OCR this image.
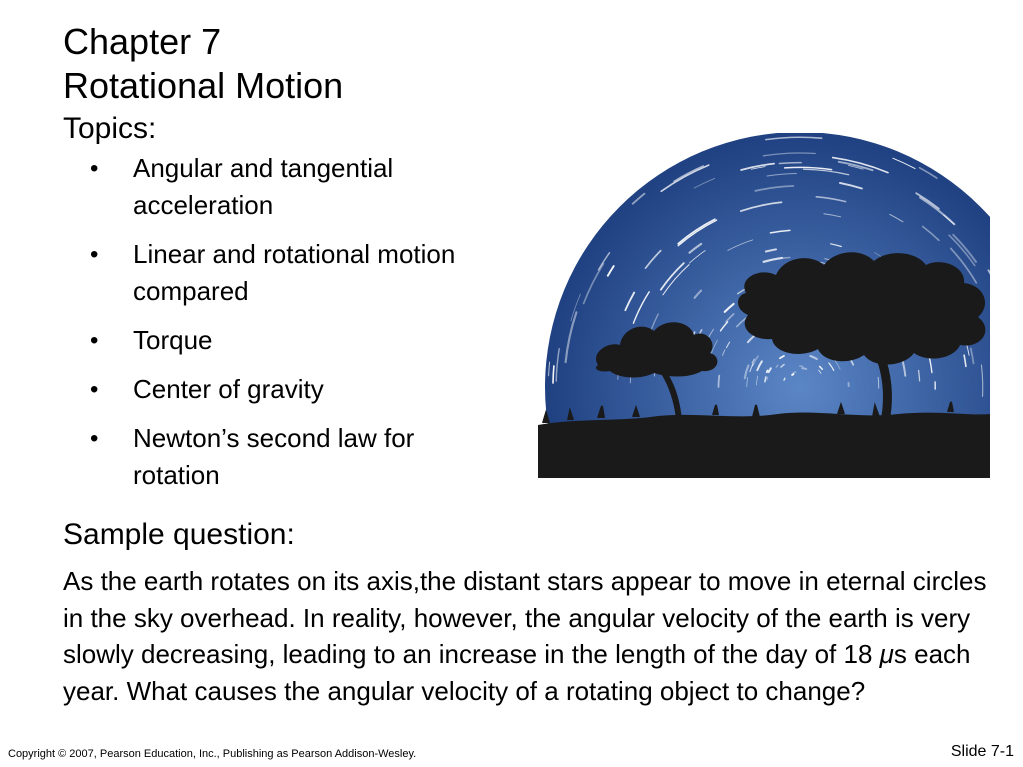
Chapter 7
Rotational Motion
Topics:
• Angular and tangential
acceleration
• Linear and rotational motion
compared
• Torque
• Center of gravity
• Newton’s second law for
rotation
Sample question:

As the earth rotates on its axis,the distant stars appear to move in eternal circles in the sky overhead. In reality, however, the angular velocity of the earth is very slowly decreasing, leading to an increase in the length of the day of 18 μs each year. What causes the angular velocity of a rotating object to change?

Copyright © 2007, Pearson Education, Inc., Publishing as Pearson Addison-Wesley.	Slide 7-1
